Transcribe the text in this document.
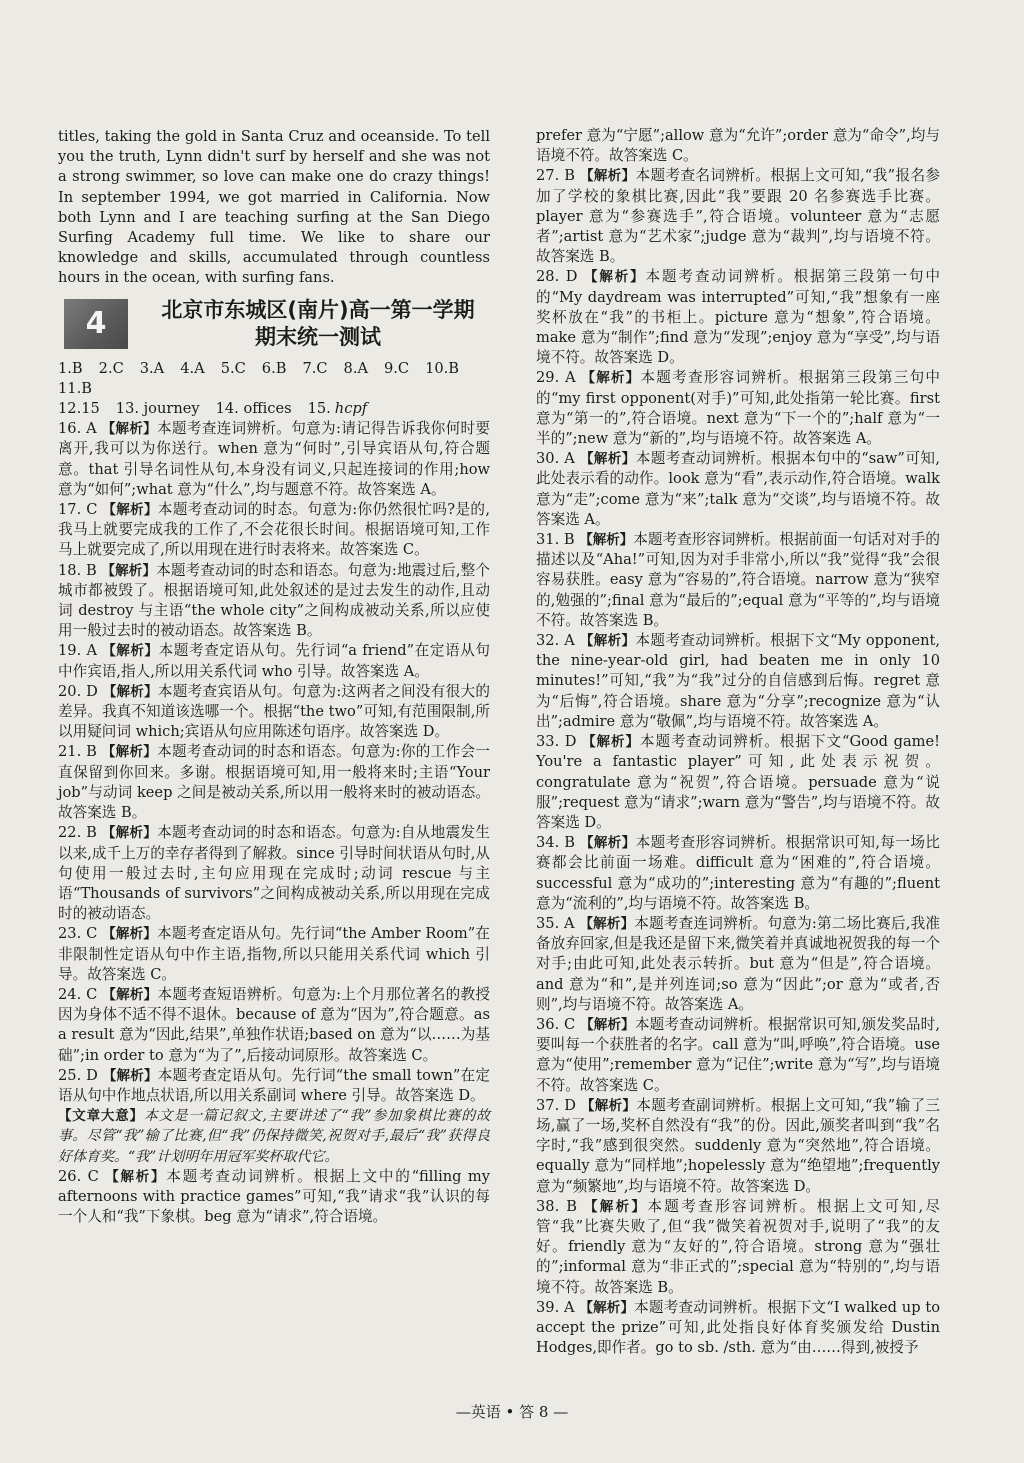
titles, taking the gold in Santa Cruz and oceanside. To tell you the truth, Lynn didn't surf by herself and she was not a strong swimmer, so love can make one do crazy things! In september 1994, we got married in California. Now both Lynn and I are teaching surfing at the San Diego Surfing Academy full time. We like to share our knowledge and skills, accumulated through countless hours in the ocean, with surfing fans.

4	北京市东城区(南片)高一第一学期
期末统一测试

1.B 2.C 3.A 4.A 5.C 6.B 7.C 8.A 9.C 10.B

11.B

12.15 13. journey 14. offices 15. hcpf

16. A 【解析】本题考查连词辨析。句意为:请记得告诉我你何时要离开,我可以为你送行。when 意为“何时”,引导宾语从句,符合题意。that 引导名词性从句,本身没有词义,只起连接词的作用;how 意为“如何”;what 意为“什么”,均与题意不符。故答案选 A。

17. C 【解析】本题考查动词的时态。句意为:你仍然很忙吗?是的,我马上就要完成我的工作了,不会花很长时间。根据语境可知,工作马上就要完成了,所以用现在进行时表将来。故答案选 C。

18. B 【解析】本题考查动词的时态和语态。句意为:地震过后,整个城市都被毁了。根据语境可知,此处叙述的是过去发生的动作,且动词 destroy 与主语“the whole city”之间构成被动关系,所以应使用一般过去时的被动语态。故答案选 B。

19. A 【解析】本题考查定语从句。先行词“a friend”在定语从句中作宾语,指人,所以用关系代词 who 引导。故答案选 A。

20. D 【解析】本题考查宾语从句。句意为:这两者之间没有很大的差异。我真不知道该选哪一个。根据“the two”可知,有范围限制,所以用疑问词 which;宾语从句应用陈述句语序。故答案选 D。

21. B 【解析】本题考查动词的时态和语态。句意为:你的工作会一直保留到你回来。多谢。根据语境可知,用一般将来时;主语“Your job”与动词 keep 之间是被动关系,所以用一般将来时的被动语态。故答案选 B。

22. B 【解析】本题考查动词的时态和语态。句意为:自从地震发生以来,成千上万的幸存者得到了解救。since 引导时间状语从句时,从句使用一般过去时,主句应用现在完成时;动词 rescue 与主语“Thousands of survivors”之间构成被动关系,所以用现在完成时的被动语态。

23. C 【解析】本题考查定语从句。先行词“the Amber Room”在非限制性定语从句中作主语,指物,所以只能用关系代词 which 引导。故答案选 C。

24. C 【解析】本题考查短语辨析。句意为:上个月那位著名的教授因为身体不适不得不退休。because of 意为“因为”,符合题意。as a result 意为“因此,结果”,单独作状语;based on 意为“以……为基础”;in order to 意为“为了”,后接动词原形。故答案选 C。

25. D 【解析】本题考查定语从句。先行词“the small town”在定语从句中作地点状语,所以用关系副词 where 引导。故答案选 D。

【文章大意】本文是一篇记叙文,主要讲述了“我”参加象棋比赛的故事。尽管“我”输了比赛,但“我”仍保持微笑,祝贺对手,最后“我”获得良好体育奖。“我”计划明年用冠军奖杯取代它。

26. C 【解析】本题考查动词辨析。根据上文中的“filling my afternoons with practice games”可知,“我”请求“我”认识的每一个人和“我”下象棋。beg 意为“请求”,符合语境。

prefer 意为“宁愿”;allow 意为“允许”;order 意为“命令”,均与语境不符。故答案选 C。

27. B 【解析】本题考查名词辨析。根据上文可知,“我”报名参加了学校的象棋比赛,因此“我”要跟 20 名参赛选手比赛。player 意为“参赛选手”,符合语境。volunteer 意为“志愿者”;artist 意为“艺术家”;judge 意为“裁判”,均与语境不符。故答案选 B。

28. D 【解析】本题考查动词辨析。根据第三段第一句中的“My daydream was interrupted”可知,“我”想象有一座奖杯放在“我”的书柜上。picture 意为“想象”,符合语境。make 意为“制作”;find 意为“发现”;enjoy 意为“享受”,均与语境不符。故答案选 D。

29. A 【解析】本题考查形容词辨析。根据第三段第三句中的“my first opponent(对手)”可知,此处指第一轮比赛。first 意为“第一的”,符合语境。next 意为“下一个的”;half 意为“一半的”;new 意为“新的”,均与语境不符。故答案选 A。

30. A 【解析】本题考查动词辨析。根据本句中的“saw”可知,此处表示看的动作。look 意为“看”,表示动作,符合语境。walk 意为“走”;come 意为“来”;talk 意为“交谈”,均与语境不符。故答案选 A。

31. B 【解析】本题考查形容词辨析。根据前面一句话对对手的描述以及“Aha!”可知,因为对手非常小,所以“我”觉得“我”会很容易获胜。easy 意为“容易的”,符合语境。narrow 意为“狭窄的,勉强的”;final 意为“最后的”;equal 意为“平等的”,均与语境不符。故答案选 B。

32. A 【解析】本题考查动词辨析。根据下文“My opponent, the nine-year-old girl, had beaten me in only 10 minutes!”可知,“我”为“我”过分的自信感到后悔。regret 意为“后悔”,符合语境。share 意为“分享”;recognize 意为“认出”;admire 意为“敬佩”,均与语境不符。故答案选 A。

33. D 【解析】本题考查动词辨析。根据下文“Good game! You're a fantastic player”可知,此处表示祝贺。congratulate 意为“祝贺”,符合语境。persuade 意为“说服”;request 意为“请求”;warn 意为“警告”,均与语境不符。故答案选 D。

34. B 【解析】本题考查形容词辨析。根据常识可知,每一场比赛都会比前面一场难。difficult 意为“困难的”,符合语境。successful 意为“成功的”;interesting 意为“有趣的”;fluent 意为“流利的”,均与语境不符。故答案选 B。

35. A 【解析】本题考查连词辨析。句意为:第二场比赛后,我准备放弃回家,但是我还是留下来,微笑着并真诚地祝贺我的每一个对手;由此可知,此处表示转折。but 意为“但是”,符合语境。and 意为“和”,是并列连词;so 意为“因此”;or 意为“或者,否则”,均与语境不符。故答案选 A。

36. C 【解析】本题考查动词辨析。根据常识可知,颁发奖品时,要叫每一个获胜者的名字。call 意为“叫,呼唤”,符合语境。use 意为“使用”;remember 意为“记住”;write 意为“写”,均与语境不符。故答案选 C。

37. D 【解析】本题考查副词辨析。根据上文可知,“我”输了三场,赢了一场,奖杯自然没有“我”的份。因此,颁奖者叫到“我”名字时,“我”感到很突然。suddenly 意为“突然地”,符合语境。equally 意为“同样地”;hopelessly 意为“绝望地”;frequently 意为“频繁地”,均与语境不符。故答案选 D。

38. B 【解析】本题考查形容词辨析。根据上文可知,尽管“我”比赛失败了,但“我”微笑着祝贺对手,说明了“我”的友好。friendly 意为“友好的”,符合语境。strong 意为“强壮的”;informal 意为“非正式的”;special 意为“特别的”,均与语境不符。故答案选 B。

39. A 【解析】本题考查动词辨析。根据下文“I walked up to accept the prize”可知,此处指良好体育奖颁发给 Dustin Hodges,即作者。go to sb. /sth. 意为“由……得到,被授予

—英语 • 答 8 —
